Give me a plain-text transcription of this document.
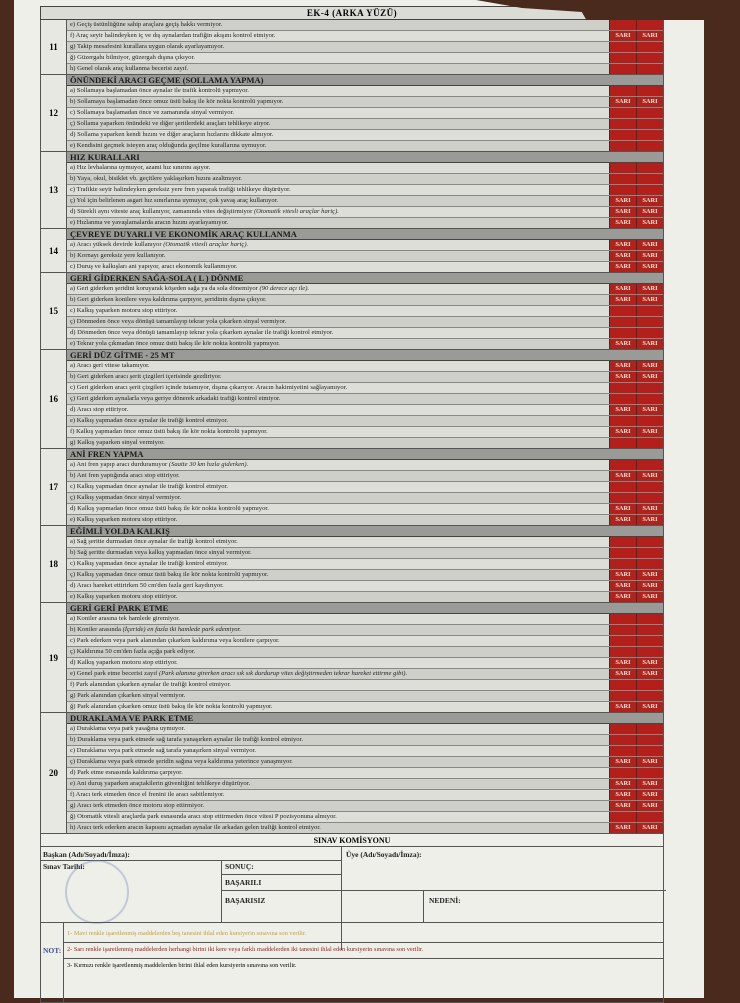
EK-4 (ARKA YÜZÜ)
11
e) Geçiş üstünlüğüne sahip araçlara geçiş hakkı vermiyor.
f) Araç seyir halindeyken iç ve dış aynalardan trafiğin akışını kontrol etmiyor.	SARI	SARI
g) Takip mesafesini kurallara uygun olarak ayarlayamıyor.
ğ) Güzergahı bilmiyor, güzergah dışına çıkıyor.
h) Genel olarak araç kullanma becerisi zayıf.
12
ÖNÜNDEKİ ARACI GEÇME (SOLLAMA YAPMA)
a) Sollamaya başlamadan önce aynalar ile trafik kontrolü yapmıyor.
b) Sollamaya başlamadan önce omuz üstü bakış ile kör nokta kontrolü yapmıyor.	SARI	SARI
c) Sollamaya başlamadan önce ve zamanında sinyal vermiyor.
ç) Sollama yaparken önündeki ve diğer şeritlerdeki araçları tehlikeye atıyor.
d) Sollama yaparken kendi hızını ve diğer araçların hızlarını dikkate almıyor.
e) Kendisini geçmek isteyen araç olduğunda geçilme kurallarına uymuyor.
13
HIZ KURALLARI
a) Hız levhalarına uymuyor, azami hız sınırını aşıyor.
b) Yaya, okul, bisiklet vb. geçitlere yaklaşırken hızını azaltmıyor.
c) Trafikte seyir halindeyken gereksiz yere fren yaparak trafiği tehlikeye düşürüyor.
ç) Yol için belirlenen asgari hız sınırlarına uymuyor, çok yavaş araç kullanıyor.	SARI	SARI
d) Sürekli aynı viteste araç kullanıyor, zamanında vites değiştirmiyor (Otomatik vitesli araçlar hariç).	SARI	SARI
e) Hızlanma ve yavaşlamalarda aracın hızını ayarlayamıyor.	SARI	SARI
14
ÇEVREYE DUYARLI VE EKONOMİK ARAÇ KULLANMA
a) Aracı yüksek devirde kullanıyor (Otomatik vitesli araçlar hariç).	SARI	SARI
b) Kornayı gereksiz yere kullanıyor.	SARI	SARI
c) Duruş ve kalkışları ani yapıyor, aracı ekonomik kullanmıyor.	SARI	SARI
15
GERİ GİDERKEN SAĞA-SOLA ( L ) DÖNME
a) Geri giderken şeridini koruyarak köşeden sağa ya da sola dönemiyor (90 derece açı ile).	SARI	SARI
b) Geri giderken konilere veya kaldırıma çarpıyor, şeridinin dışına çıkıyor.	SARI	SARI
c) Kalkış yaparken motoru stop ettiriyor.
ç) Dönmeden önce veya dönüşü tamamlayıp tekrar yola çıkarken sinyal vermiyor.
d) Dönmeden önce veya dönüşü tamamlayıp tekrar yola çıkarken aynalar ile trafiği kontrol etmiyor.
e) Tekrar yola çıkmadan önce omuz üstü bakış ile kör nokta kontrolü yapmıyor.	SARI	SARI
16
GERİ DÜZ GİTME - 25 MT
a) Aracı geri vitese takamıyor.	SARI	SARI
b) Geri giderken aracı şerit çizgileri içerisinde gezdiriyor.	SARI	SARI
c) Geri giderken aracı şerit çizgileri içinde tutamıyor, dışına çıkarıyor. Aracın hakimiyetini sağlayamıyor.
ç) Geri giderken aynalarla veya geriye dönerek arkadaki trafiği kontrol etmiyor.
d) Aracı stop ettiriyor.	SARI	SARI
e) Kalkış yapmadan önce aynalar ile trafiği kontrol etmiyor.
f) Kalkış yapmadan önce omuz üstü bakış ile kör nokta kontrolü yapmıyor.	SARI	SARI
g) Kalkış yaparken sinyal vermiyor.
17
ANİ FREN YAPMA
a) Ani fren yapıp aracı durduramıyor (Saatte 30 km hızla giderken).
b) Ani fren yaptığında aracı stop ettiriyor.	SARI	SARI
c) Kalkış yapmadan önce aynalar ile trafiği kontrol etmiyor.
ç) Kalkış yapmadan önce sinyal vermiyor.
d) Kalkış yapmadan önce omuz üstü bakış ile kör nokta kontrolü yapmıyor.	SARI	SARI
e) Kalkış yaparken motoru stop ettiriyor.	SARI	SARI
18
EĞİMLİ YOLDA KALKIŞ
a) Sağ şeritte durmadan önce aynalar ile trafiği kontrol etmiyor.
b) Sağ şeritte durmadan veya kalkış yapmadan önce sinyal vermiyor.
c) Kalkış yapmadan önce aynalar ile trafiği kontrol etmiyor.
ç) Kalkış yapmadan önce omuz üstü bakış ile kör nokta kontrolü yapmıyor.	SARI	SARI
d) Aracı hareket ettirirken 50 cm'den fazla geri kaydırıyor.	SARI	SARI
e) Kalkış yaparken motoru stop ettiriyor.	SARI	SARI
19
GERİ GERİ PARK ETME
a) Koniler arasına tek hamlede giremiyor.
b) Koniler arasında (İçeride) en fazla iki hamlede park edemiyor.
c) Park ederken veya park alanından çıkarken kaldırıma veya konilere çarpıyor.
ç) Kaldırıma 50 cm'den fazla açığa park ediyor.
d) Kalkış yaparken motoru stop ettiriyor.	SARI	SARI
e) Genel park etme becerisi zayıf (Park alanına girerken aracı sık sık durdurup vites değiştirmeden tekrar hareket ettirme gibi).	SARI	SARI
f) Park alanından çıkarken aynalar ile trafiği kontrol etmiyor.
g) Park alanından çıkarken sinyal vermiyor.
ğ) Park alanından çıkarken omuz üstü bakış ile kör nokta kontrolü yapmıyor.	SARI	SARI
20
DURAKLAMA VE PARK ETME
a) Duraklama veya park yasağına uymuyor.
b) Duraklama veya park etmede sağ tarafa yanaşırken aynalar ile trafiği kontrol etmiyor.
c) Duraklama veya park etmede sağ tarafa yanaşırken sinyal vermiyor.
ç) Duraklama veya park etmede şeridin sağına veya kaldırıma yeterince yanaşmıyor.	SARI	SARI
d) Park etme esnasında kaldırıma çarpıyor.
e) Ani duruş yaparken araçtakilerin güvenliğini tehlikeye düşürüyor.	SARI	SARI
f) Aracı terk etmeden önce el frenini ile aracı sabitlemiyor.	SARI	SARI
g) Aracı terk etmeden önce motoru stop ettirmiyor.	SARI	SARI
ğ) Otomatik vitesli araçlarda park esnasında aracı stop ettirmeden önce vitesi P pozisyonuna almıyor.
h) Aracı terk ederken aracın kapısını açmadan aynalar ile arkadan gelen trafiği kontrol etmiyor.	SARI	SARI
SINAV KOMİSYONU
Başkan (Adı/Soyadı/İmza):	Üye (Adı/Soyadı/İmza):
Sınav Tarihi:	SONUÇ:
BAŞARILI
BAŞARISIZ	NEDENİ:
NOT:
1- Mavi renkle işaretlenmiş maddelerden beş tanesini ihlal eden kursiyerin sınavına son verilir.
2- Sarı renkle işaretlenmiş maddelerden herhangi birini iki kere veya farklı maddelerden iki tanesini ihlal eden kursiyerin sınavına son verilir.
3- Kırmızı renkle işaretlenmiş maddelerden birini ihlal eden kursiyerin sınavına son verilir.
